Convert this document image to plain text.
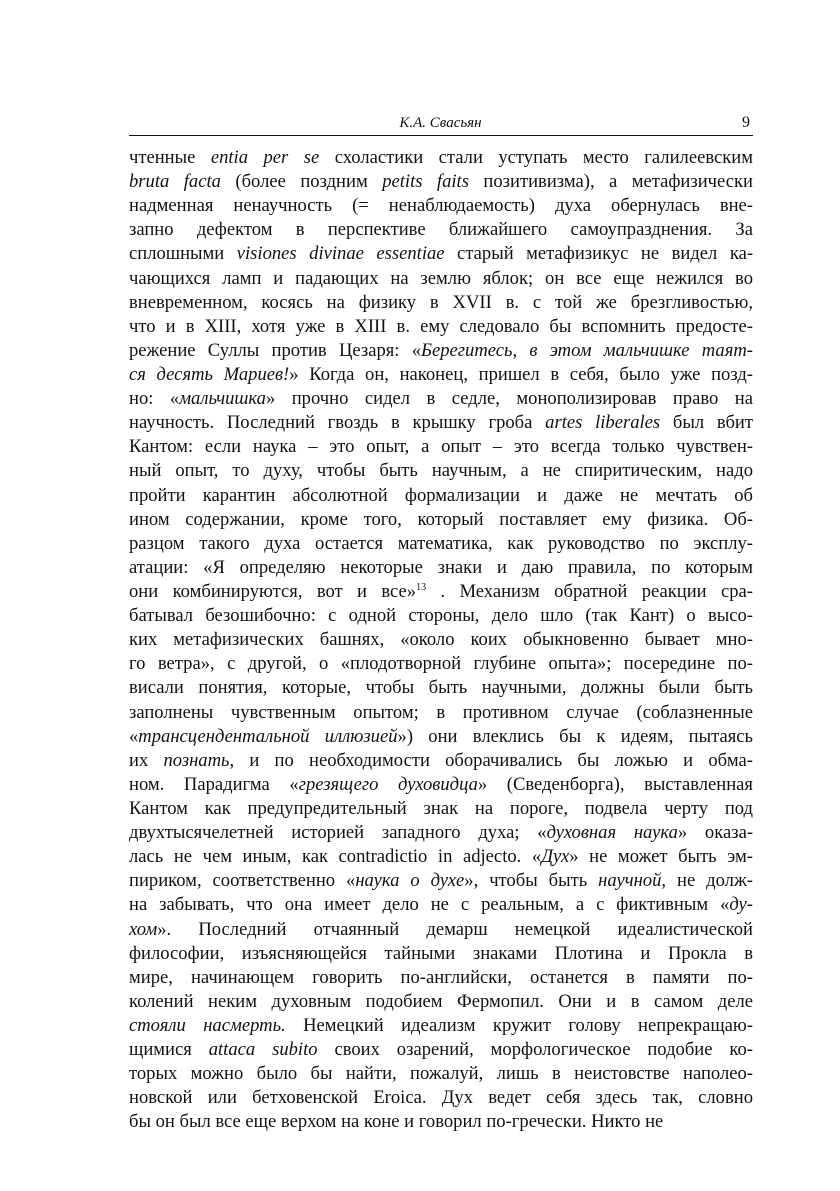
К.А. Свасьян	9
чтенные entia per se схоластики стали уступать место галилеевским
bruta facta (более поздним petits faits позитивизма), а метафизически
надменная ненаучность (= ненаблюдаемость) духа обернулась вне-
запно дефектом в перспективе ближайшего самоупразднения. За
сплошными visiones divinae essentiae старый метафизикус не видел ка-
чающихся ламп и падающих на землю яблок; он все еще нежился во
вневременном, косясь на физику в XVII в. с той же брезгливостью,
что и в XIII, хотя уже в XIII в. ему следовало бы вспомнить предосте-
режение Суллы против Цезаря: «Берегитесь, в этом мальчишке таят-
ся десять Мариев!» Когда он, наконец, пришел в себя, было уже позд-
но: «мальчишка» прочно сидел в седле, монополизировав право на
научность. Последний гвоздь в крышку гроба artes liberales был вбит
Кантом: если наука – это опыт, а опыт – это всегда только чувствен-
ный опыт, то духу, чтобы быть научным, а не спиритическим, надо
пройти карантин абсолютной формализации и даже не мечтать об
ином содержании, кроме того, который поставляет ему физика. Об-
разцом такого духа остается математика, как руководство по эксплу-
атации: «Я определяю некоторые знаки и даю правила, по которым
они комбинируются, вот и все»$^{13}$ . Механизм обратной реакции сра-
батывал безошибочно: с одной стороны, дело шло (так Кант) о высо-
ких метафизических башнях, «около коих обыкновенно бывает мно-
го ветра», с другой, о «плодотворной глубине опыта»; посередине по-
висали понятия, которые, чтобы быть научными, должны были быть
заполнены чувственным опытом; в противном случае (соблазненные
«трансцендентальной иллюзией») они влеклись бы к идеям, пытаясь
их познать, и по необходимости оборачивались бы ложью и обма-
ном. Парадигма «грезящего духовидца» (Сведенборга), выставленная
Кантом как предупредительный знак на пороге, подвела черту под
двухтысячелетней историей западного духа; «духовная наука» оказа-
лась не чем иным, как contradictio in adjecto. «Дух» не может быть эм-
пириком, соответственно «наука о духе», чтобы быть научной, не долж-
на забывать, что она имеет дело не с реальным, а с фиктивным «ду-
хом». Последний отчаянный демарш немецкой идеалистической
философии, изъясняющейся тайными знаками Плотина и Прокла в
мире, начинающем говорить по-английски, останется в памяти по-
колений неким духовным подобием Фермопил. Они и в самом деле
стояли насмерть. Немецкий идеализм кружит голову непрекращаю-
щимися attaca subito своих озарений, морфологическое подобие ко-
торых можно было бы найти, пожалуй, лишь в неистовстве наполео-
новской или бетховенской Eroica. Дух ведет себя здесь так, словно
бы он был все еще верхом на коне и говорил по-гречески. Никто не
